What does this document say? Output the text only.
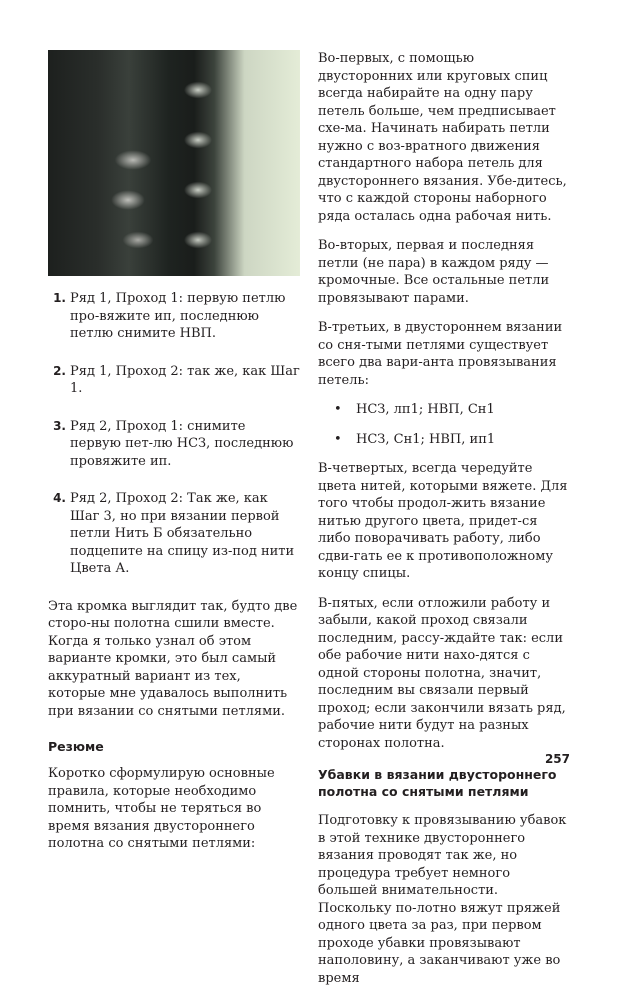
1. Ряд 1, Проход 1: первую петлю про-вяжите ип, последнюю петлю снимите НВП.
2. Ряд 1, Проход 2: так же, как Шаг 1.
3. Ряд 2, Проход 1: снимите первую пет-лю НСЗ, последнюю провяжите ип.
4. Ряд 2, Проход 2: Так же, как Шаг 3, но при вязании первой петли Нить Б обязательно подцепите на спицу из-под нити Цвета А.

Эта кромка выглядит так, будто две сторо-ны полотна сшили вместе. Когда я только узнал об этом варианте кромки, это был самый аккуратный вариант из тех, которые мне удавалось выполнить при вязании со снятыми петлями.

Резюме

Коротко сформулирую основные правила, которые необходимо помнить, чтобы не теряться во время вязания двустороннего полотна со снятыми петлями:

Во-первых, с помощью двусторонних или круговых спиц всегда набирайте на одну пару петель больше, чем предписывает схе-ма. Начинать набирать петли нужно с воз-вратного движения стандартного набора петель для двустороннего вязания. Убе-дитесь, что с каждой стороны наборного ряда осталась одна рабочая нить.

Во-вторых, первая и последняя петли (не пара) в каждом ряду — кромочные. Все остальные петли провязывают парами.

В-третьих, в двустороннем вязании со сня-тыми петлями существует всего два вари-анта провязывания петель:

•	НСЗ, лп1; НВП, Сн1
•	НСЗ, Сн1; НВП, ип1

В-четвертых, всегда чередуйте цвета нитей, которыми вяжете. Для того чтобы продол-жить вязание нитью другого цвета, придет-ся либо поворачивать работу, либо сдви-гать ее к противоположному концу спицы.

В-пятых, если отложили работу и забыли, какой проход связали последним, рассу-ждайте так: если обе рабочие нити нахо-дятся с одной стороны полотна, значит, последним вы связали первый проход; если закончили вязать ряд, рабочие нити будут на разных сторонах полотна.

Убавки в вязании двустороннего полотна со снятыми петлями

Подготовку к провязыванию убавок в этой технике двустороннего вязания проводят так же, но процедура требует немного большей внимательности. Поскольку по-лотно вяжут пряжей одного цвета за раз, при первом проходе убавки провязывают наполовину, а заканчивают уже во время

257
